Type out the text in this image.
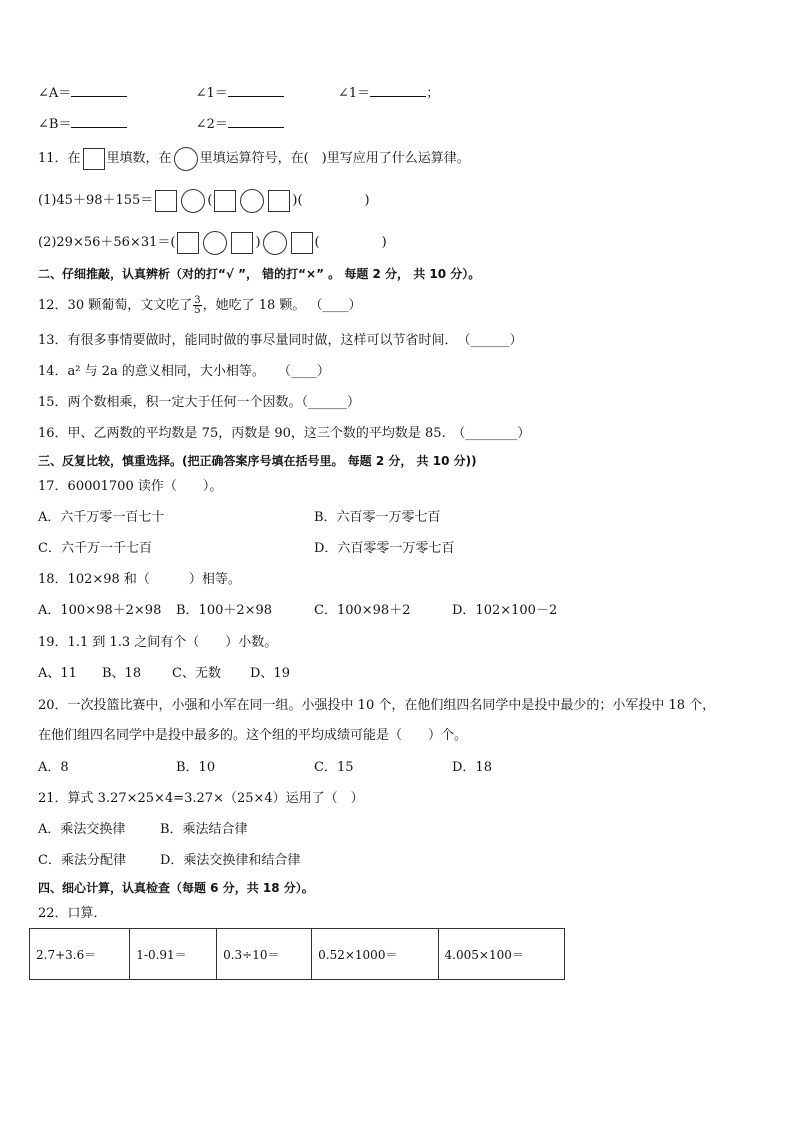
∠A＝	∠1＝	∠1＝	；
∠B＝	∠2＝
11．在 里填数，在 里填运算符号，在(　)里写应用了什么运算律。
(1)45＋98＋155＝	(	)(	)
(2)29×56＋56×31＝(	)	(	)
二、仔细推敲，认真辨析（对的打“√ ”， 错的打“×” 。 每题 2 分， 共 10 分）。
12．30 颗葡萄，文文吃了 $\frac{3}{5}$ ，她吃了 18 颗。 （____）
13．有很多事情要做时，能同时做的事尽量同时做，这样可以节省时间．　（______）
14．a² 与 2a 的意义相同，大小相等。　　（____）
15．两个数相乘，积一定大于任何一个因数。（______）
16．甲、乙两数的平均数是 75，丙数是 90，这三个数的平均数是 85.　（________）
三、反复比较，慎重选择。(把正确答案序号填在括号里。 每题 2 分， 共 10 分))
17．60001700 读作（　　）。
A．六千万零一百七十	B．六百零一万零七百
C．六千万一千七百	D．六百零零一万零七百
18．102×98 和（　　　）相等。
A．100×98＋2×98 B．100＋2×98	C．100×98＋2	D．102×100－2
19．1.1 到 1.3 之间有个（　　）小数。
A、11 B、18 C、无数 D、19
20．一次投篮比赛中，小强和小军在同一组。小强投中 10 个，在他们组四名同学中是投中最少的；小军投中 18 个，
在他们组四名同学中是投中最多的。这个组的平均成绩可能是（　　）个。
A．8	B．10	C．15	D．18
21．算式 3.27×25×4=3.27×（25×4）运用了（　）
A．乘法交换律	B．乘法结合律
C．乘法分配律	D．乘法交换律和结合律
四、细心计算，认真检查（每题 6 分，共 18 分）。
22．口算．
2.7+3.6＝	1-0.91＝	0.3÷10＝	0.52×1000＝	4.005×100＝
